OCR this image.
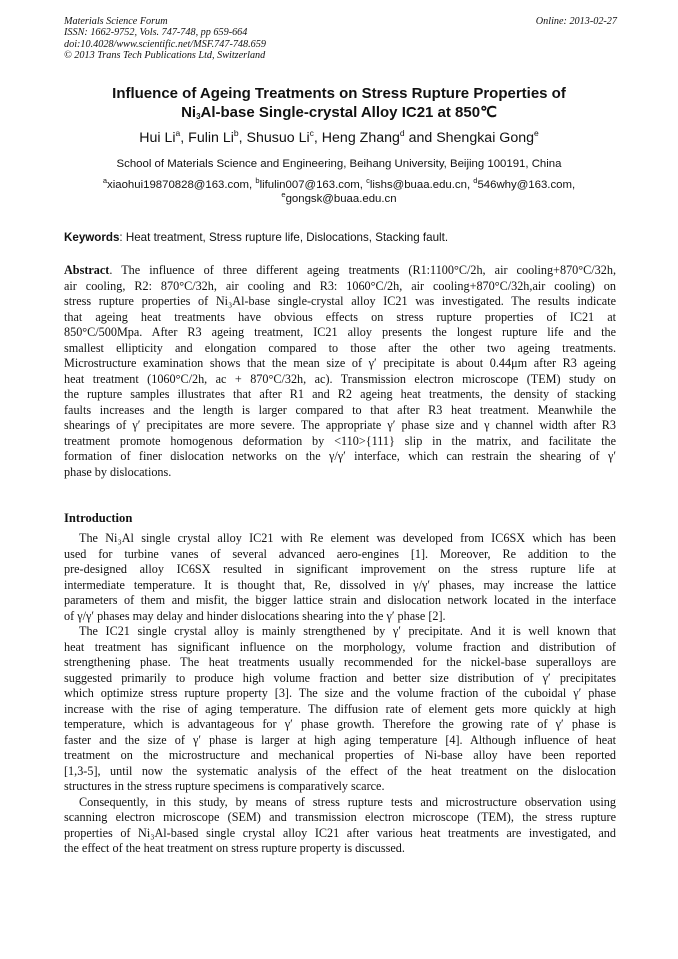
Materials Science Forum
ISSN: 1662-9752, Vols. 747-748, pp 659-664
doi:10.4028/www.scientific.net/MSF.747-748.659
© 2013 Trans Tech Publications Ltd, Switzerland
Online: 2013-02-27
Influence of Ageing Treatments on Stress Rupture Properties of
$Ni_3Al$-base Single-crystal Alloy IC21 at 850℃
Hui Li$^a$, Fulin Li$^b$, Shusuo Li$^c$, Heng Zhang$^d$ and Shengkai Gong$^e$
School of Materials Science and Engineering, Beihang University, Beijing 100191, China
$^a$xiaohui19870828@163.com, $^b$lifulin007@163.com, $^c$lishs@buaa.edu.cn, $^d$546why@163.com,
$^e$gongsk@buaa.edu.cn
Keywords: Heat treatment, Stress rupture life, Dislocations, Stacking fault.
Abstract. The influence of three different ageing treatments (R1:1100°C/2h, air cooling+870°C/32h,
air cooling, R2: 870°C/32h, air cooling and R3: 1060°C/2h, air cooling+870°C/32h,air cooling) on
stress rupture properties of Ni₃Al-base single-crystal alloy IC21 was investigated. The results indicate
that ageing heat treatments have obvious effects on stress rupture properties of IC21 at
850°C/500Mpa. After R3 ageing treatment, IC21 alloy presents the longest rupture life and the
smallest ellipticity and elongation compared to those after the other two ageing treatments.
Microstructure examination shows that the mean size of γ′ precipitate is about 0.44μm after R3 ageing
heat treatment (1060°C/2h, ac + 870°C/32h, ac). Transmission electron microscope (TEM) study on
the rupture samples illustrates that after R1 and R2 ageing heat treatments, the density of stacking
faults increases and the length is larger compared to that after R3 heat treatment. Meanwhile the
shearings of γ′ precipitates are more severe. The appropriate γ′ phase size and γ channel width after R3
treatment promote homogenous deformation by <110>{111} slip in the matrix, and facilitate the
formation of finer dislocation networks on the γ/γ′ interface, which can restrain the shearing of γ′
phase by dislocations.
Introduction
The Ni₃Al single crystal alloy IC21 with Re element was developed from IC6SX which has been
used for turbine vanes of several advanced aero-engines [1]. Moreover, Re addition to the
pre-designed alloy IC6SX resulted in significant improvement on the stress rupture life at
intermediate temperature. It is thought that, Re, dissolved in γ/γ′ phases, may increase the lattice
parameters of them and misfit, the bigger lattice strain and dislocation network located in the interface
of γ/γ′ phases may delay and hinder dislocations shearing into the γ′ phase [2].
The IC21 single crystal alloy is mainly strengthened by γ′ precipitate. And it is well known that
heat treatment has significant influence on the morphology, volume fraction and distribution of
strengthening phase. The heat treatments usually recommended for the nickel-base superalloys are
suggested primarily to produce high volume fraction and better size distribution of γ′ precipitates
which optimize stress rupture property [3]. The size and the volume fraction of the cuboidal γ′ phase
increase with the rise of aging temperature. The diffusion rate of element gets more quickly at high
temperature, which is advantageous for γ′ phase growth. Therefore the growing rate of γ′ phase is
faster and the size of γ′ phase is larger at high aging temperature [4]. Although influence of heat
treatment on the microstructure and mechanical properties of Ni-base alloy have been reported
[1,3-5], until now the systematic analysis of the effect of the heat treatment on the dislocation
structures in the stress rupture specimens is comparatively scarce.
Consequently, in this study, by means of stress rupture tests and microstructure observation using
scanning electron microscope (SEM) and transmission electron microscope (TEM), the stress rupture
properties of Ni₃Al-based single crystal alloy IC21 after various heat treatments are investigated, and
the effect of the heat treatment on stress rupture property is discussed.
